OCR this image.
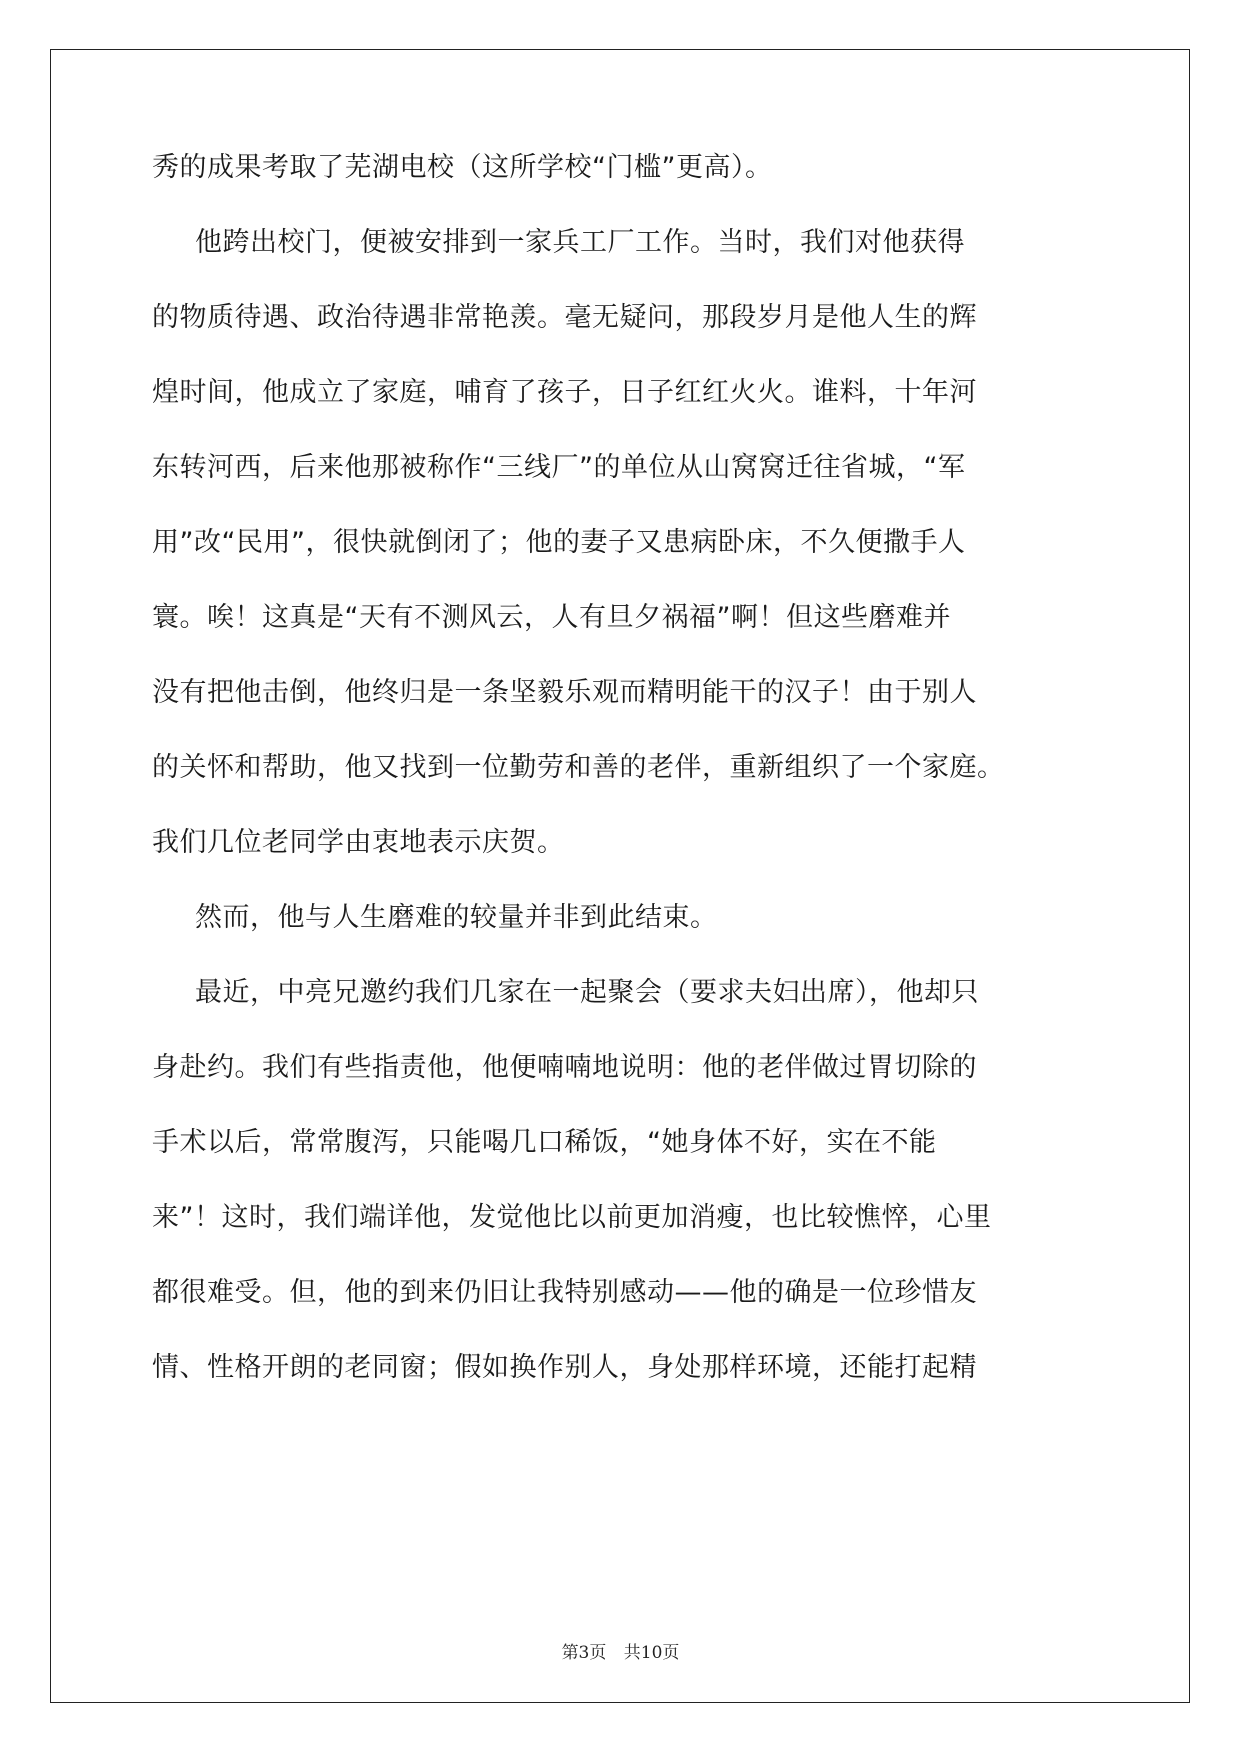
秀的成果考取了芜湖电校（这所学校“门槛”更高）。
他跨出校门，便被安排到一家兵工厂工作。当时，我们对他获得
的物质待遇、政治待遇非常艳羡。毫无疑问，那段岁月是他人生的辉
煌时间，他成立了家庭，哺育了孩子，日子红红火火。谁料，十年河
东转河西，后来他那被称作“三线厂”的单位从山窝窝迁往省城，“军
用”改“民用”，很快就倒闭了；他的妻子又患病卧床，不久便撒手人
寰。唉！这真是“天有不测风云，人有旦夕祸福”啊！但这些磨难并
没有把他击倒，他终归是一条坚毅乐观而精明能干的汉子！由于别人
的关怀和帮助，他又找到一位勤劳和善的老伴，重新组织了一个家庭。
我们几位老同学由衷地表示庆贺。
然而，他与人生磨难的较量并非到此结束。
最近，中亮兄邀约我们几家在一起聚会（要求夫妇出席），他却只
身赴约。我们有些指责他，他便喃喃地说明：他的老伴做过胃切除的
手术以后，常常腹泻，只能喝几口稀饭，“她身体不好，实在不能
来”！这时，我们端详他，发觉他比以前更加消瘦，也比较憔悴，心里
都很难受。但，他的到来仍旧让我特别感动——他的确是一位珍惜友
情、性格开朗的老同窗；假如换作别人，身处那样环境，还能打起精
第3页 共10页
